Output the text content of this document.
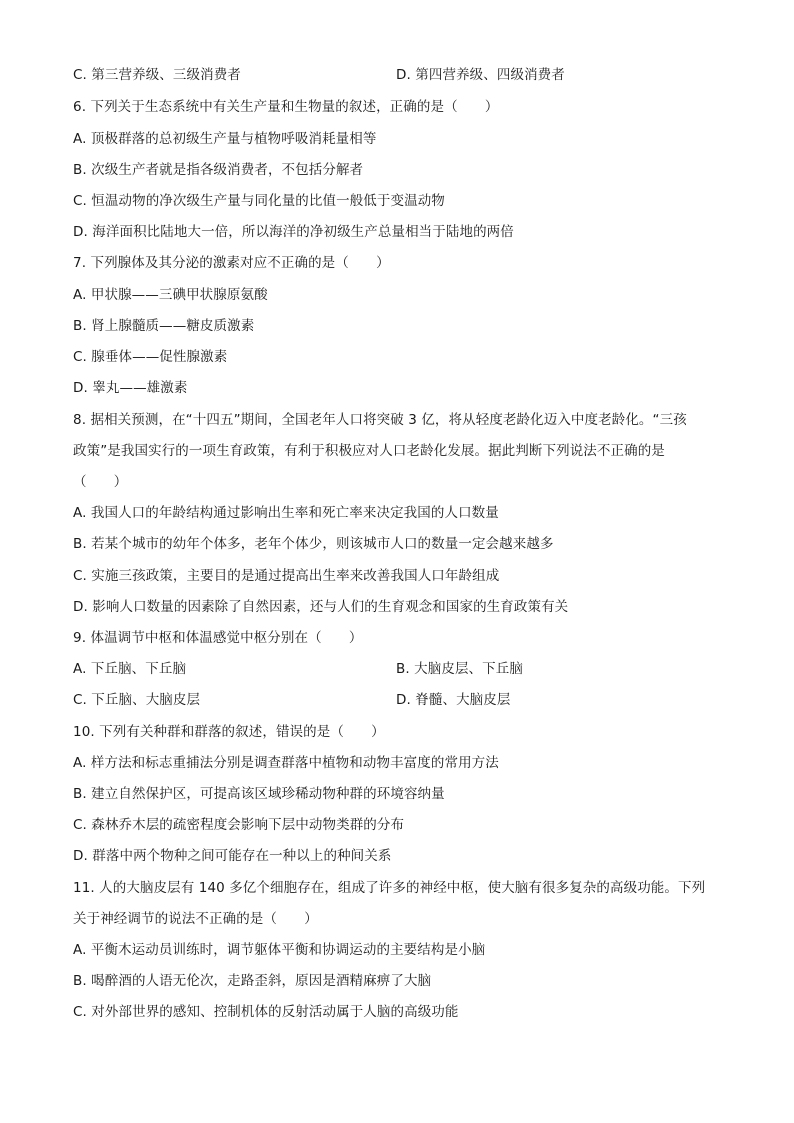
C. 第三营养级、三级消费者	D. 第四营养级、四级消费者
6. 下列关于生态系统中有关生产量和生物量的叙述，正确的是（　　）
A. 顶极群落的总初级生产量与植物呼吸消耗量相等
B. 次级生产者就是指各级消费者，不包括分解者
C. 恒温动物的净次级生产量与同化量的比值一般低于变温动物
D. 海洋面积比陆地大一倍，所以海洋的净初级生产总量相当于陆地的两倍
7. 下列腺体及其分泌的激素对应不正确的是（　　）
A. 甲状腺——三碘甲状腺原氨酸
B. 肾上腺髓质——糖皮质激素
C. 腺垂体——促性腺激素
D. 睾丸——雄激素
8. 据相关预测，在“十四五”期间，全国老年人口将突破 3 亿，将从轻度老龄化迈入中度老龄化。“三孩
政策”是我国实行的一项生育政策，有利于积极应对人口老龄化发展。据此判断下列说法不正确的是
（　　）
A. 我国人口的年龄结构通过影响出生率和死亡率来决定我国的人口数量
B. 若某个城市的幼年个体多，老年个体少，则该城市人口的数量一定会越来越多
C. 实施三孩政策，主要目的是通过提高出生率来改善我国人口年龄组成
D. 影响人口数量的因素除了自然因素，还与人们的生育观念和国家的生育政策有关
9. 体温调节中枢和体温感觉中枢分别在（　　）
A. 下丘脑、下丘脑	B. 大脑皮层、下丘脑
C. 下丘脑、大脑皮层	D. 脊髓、大脑皮层
10. 下列有关种群和群落的叙述，错误的是（　　）
A. 样方法和标志重捕法分别是调查群落中植物和动物丰富度的常用方法
B. 建立自然保护区，可提高该区域珍稀动物种群的环境容纳量
C. 森林乔木层的疏密程度会影响下层中动物类群的分布
D. 群落中两个物种之间可能存在一种以上的种间关系
11. 人的大脑皮层有 140 多亿个细胞存在，组成了许多的神经中枢，使大脑有很多复杂的高级功能。下列
关于神经调节的说法不正确的是（　　）
A. 平衡木运动员训练时，调节躯体平衡和协调运动的主要结构是小脑
B. 喝醉酒的人语无伦次，走路歪斜，原因是酒精麻痹了大脑
C. 对外部世界的感知、控制机体的反射活动属于人脑的高级功能
